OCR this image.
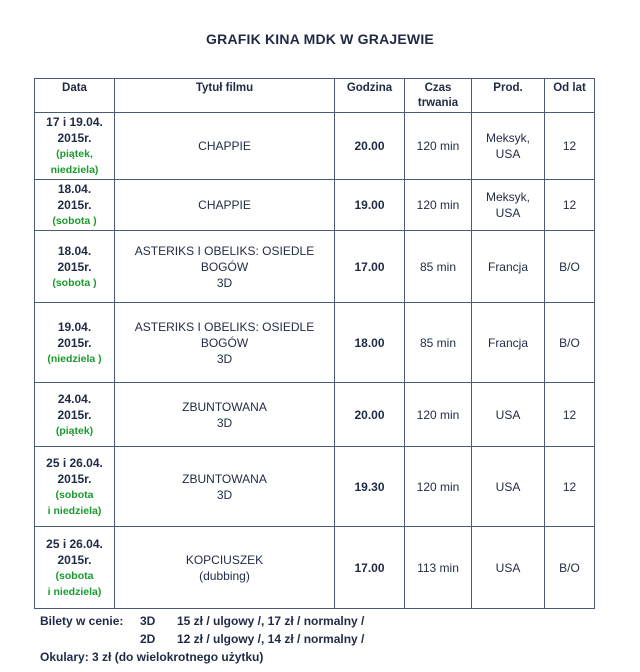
GRAFIK KINA MDK W GRAJEWIE
Data	Tytuł filmu	Godzina	Czas
trwania	Prod.	Od lat

17 i 19.04.
2015r.
(piątek,
niedziela)	CHAPPIE	20.00	120 min	Meksyk,
USA	12

18.04.
2015r.
(sobota )	CHAPPIE	19.00	120 min	Meksyk,
USA	12

18.04.
2015r.
(sobota )	ASTERIKS I OBELIKS: OSIEDLE
BOGÓW
3D	17.00	85 min	Francja	B/O

19.04.
2015r.
(niedziela )	ASTERIKS I OBELIKS: OSIEDLE
BOGÓW
3D	18.00	85 min	Francja	B/O

24.04.
2015r.
(piątek)	ZBUNTOWANA
3D	20.00	120 min	USA	12

25 i 26.04.
2015r.
(sobota
i niedziela)	ZBUNTOWANA
3D	19.30	120 min	USA	12

25 i 26.04.
2015r.
(sobota
i niedziela)	KOPCIUSZEK
(dubbing)	17.00	113 min	USA	B/O
Bilety w cenie: 3D 15 zł / ulgowy /, 17 zł / normalny /
2D 12 zł / ulgowy /, 14 zł / normalny /
Okulary: 3 zł (do wielokrotnego użytku)
